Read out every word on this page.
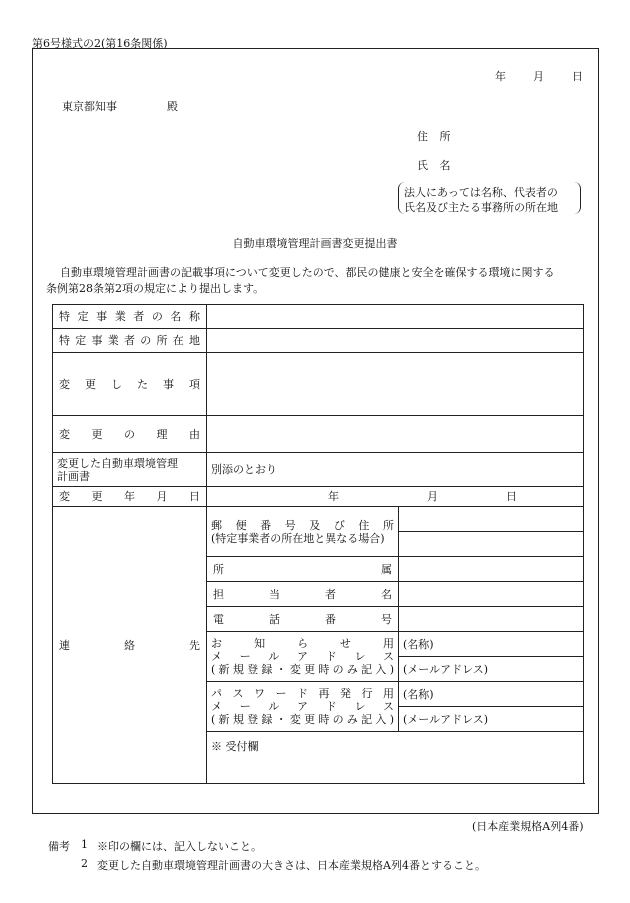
第6号様式の2(第16条関係)
年 月	日
東京都知事	殿
住 所
氏 名
法人にあっては名称、代表者の
氏名及び主たる事務所の所在地
自動車環境管理計画書変更提出書
自動車環境管理計画書の記載事項について変更したので、都民の健康と安全を確保する環境に関する
条例第28条第2項の規定により提出します。
特定事業者の名称		
特定事業者の所在地		
変更した事項		
変更の理由		

変更した自動車環境管理
計画書	別添のとおり	
変更年月日	年 月 日	

連絡先	郵便番号及び住所
(特定事業者の所在地と異なる場合)	

	所属	
	担当者名	
	電話番号	

	お知らせ用
メールアドレス
(新規登録・変更時のみ記入)	(名称)
		(メールアドレス)

	パスワード再発行用
メールアドレス
(新規登録・変更時のみ記入)	(名称)
		(メールアドレス)
	※ 受付欄	
(日本産業規格A列4番)
備考 1 ※印の欄には、記入しないこと。
2 変更した自動車環境管理計画書の大きさは、日本産業規格A列4番とすること。
